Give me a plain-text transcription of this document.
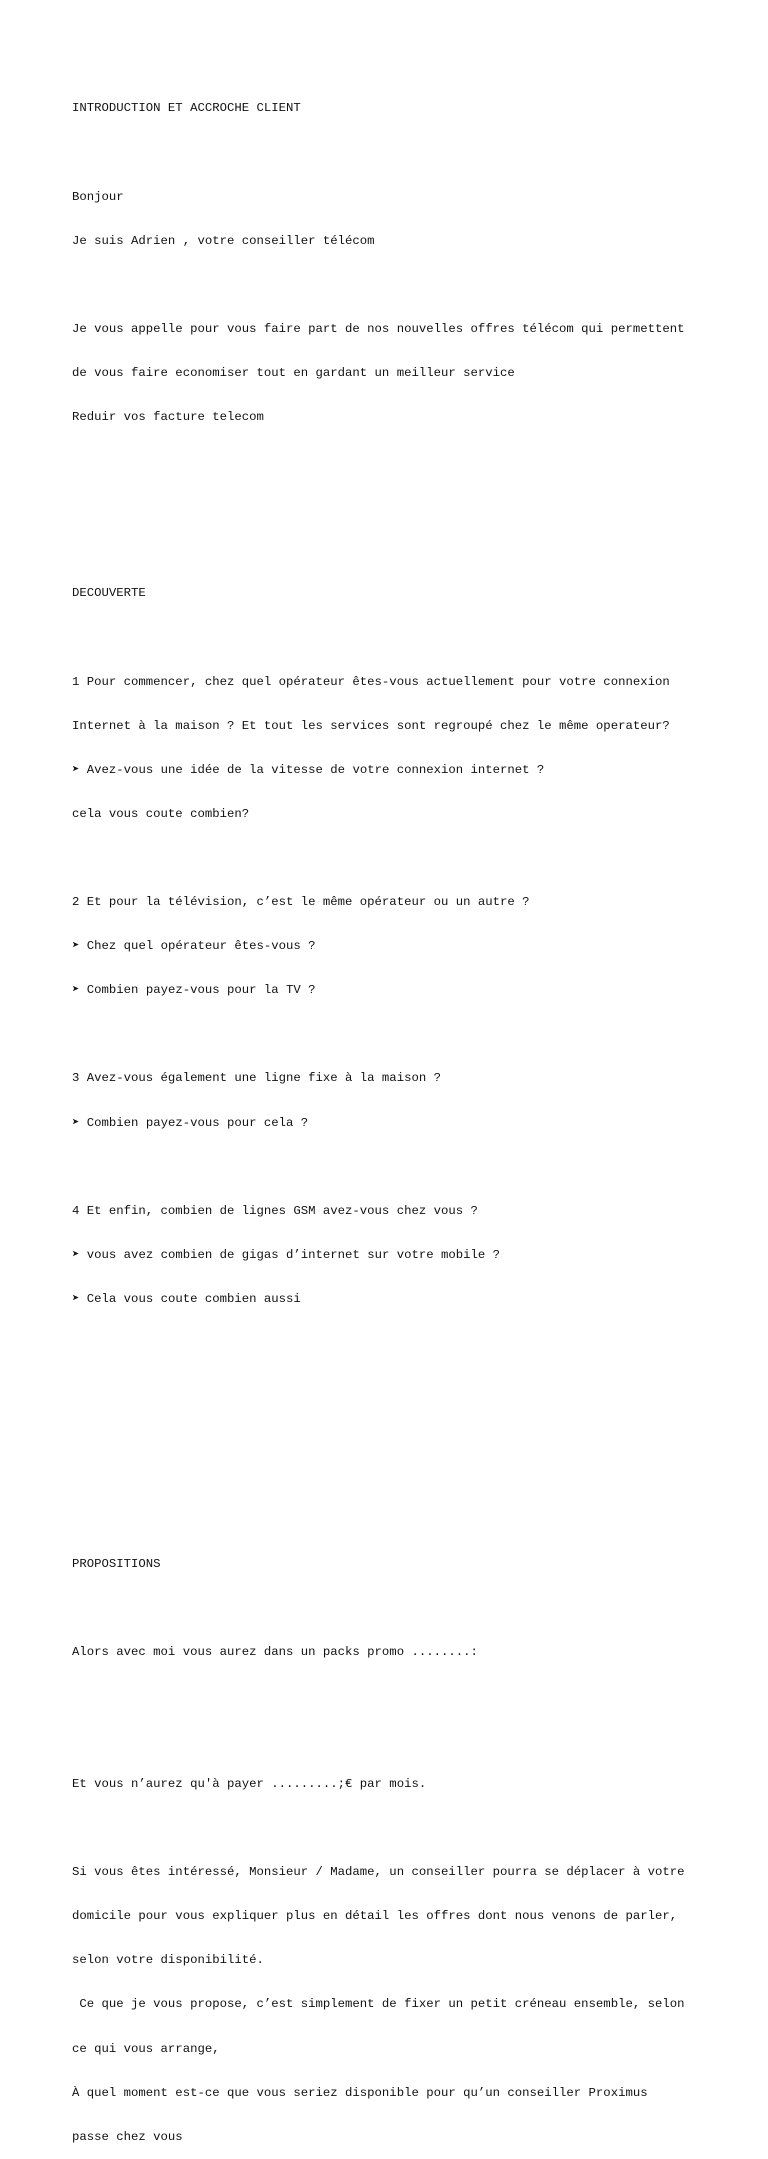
INTRODUCTION ET ACCROCHE CLIENT

Bonjour

Je suis Adrien , votre conseiller télécom

Je vous appelle pour vous faire part de nos nouvelles offres télécom qui permettent

de vous faire economiser tout en gardant un meilleur service

Reduir vos facture telecom

DECOUVERTE

1 Pour commencer, chez quel opérateur êtes-vous actuellement pour votre connexion

Internet à la maison ? Et tout les services sont regroupé chez le même operateur?

➤ Avez-vous une idée de la vitesse de votre connexion internet ?

cela vous coute combien?

2 Et pour la télévision, c’est le même opérateur ou un autre ?

➤ Chez quel opérateur êtes-vous ?

➤ Combien payez-vous pour la TV ?

3 Avez-vous également une ligne fixe à la maison ?

➤ Combien payez-vous pour cela ?

4 Et enfin, combien de lignes GSM avez-vous chez vous ?

➤ vous avez combien de gigas d’internet sur votre mobile ?

➤ Cela vous coute combien aussi

PROPOSITIONS

Alors avec moi vous aurez dans un packs promo ........:

Et vous n’aurez qu'à payer .........;€ par mois.

Si vous êtes intéressé, Monsieur / Madame, un conseiller pourra se déplacer à votre

domicile pour vous expliquer plus en détail les offres dont nous venons de parler,

selon votre disponibilité.

Ce que je vous propose, c’est simplement de fixer un petit créneau ensemble, selon

ce qui vous arrange,

À quel moment est-ce que vous seriez disponible pour qu’un conseiller Proximus

passe chez vous
